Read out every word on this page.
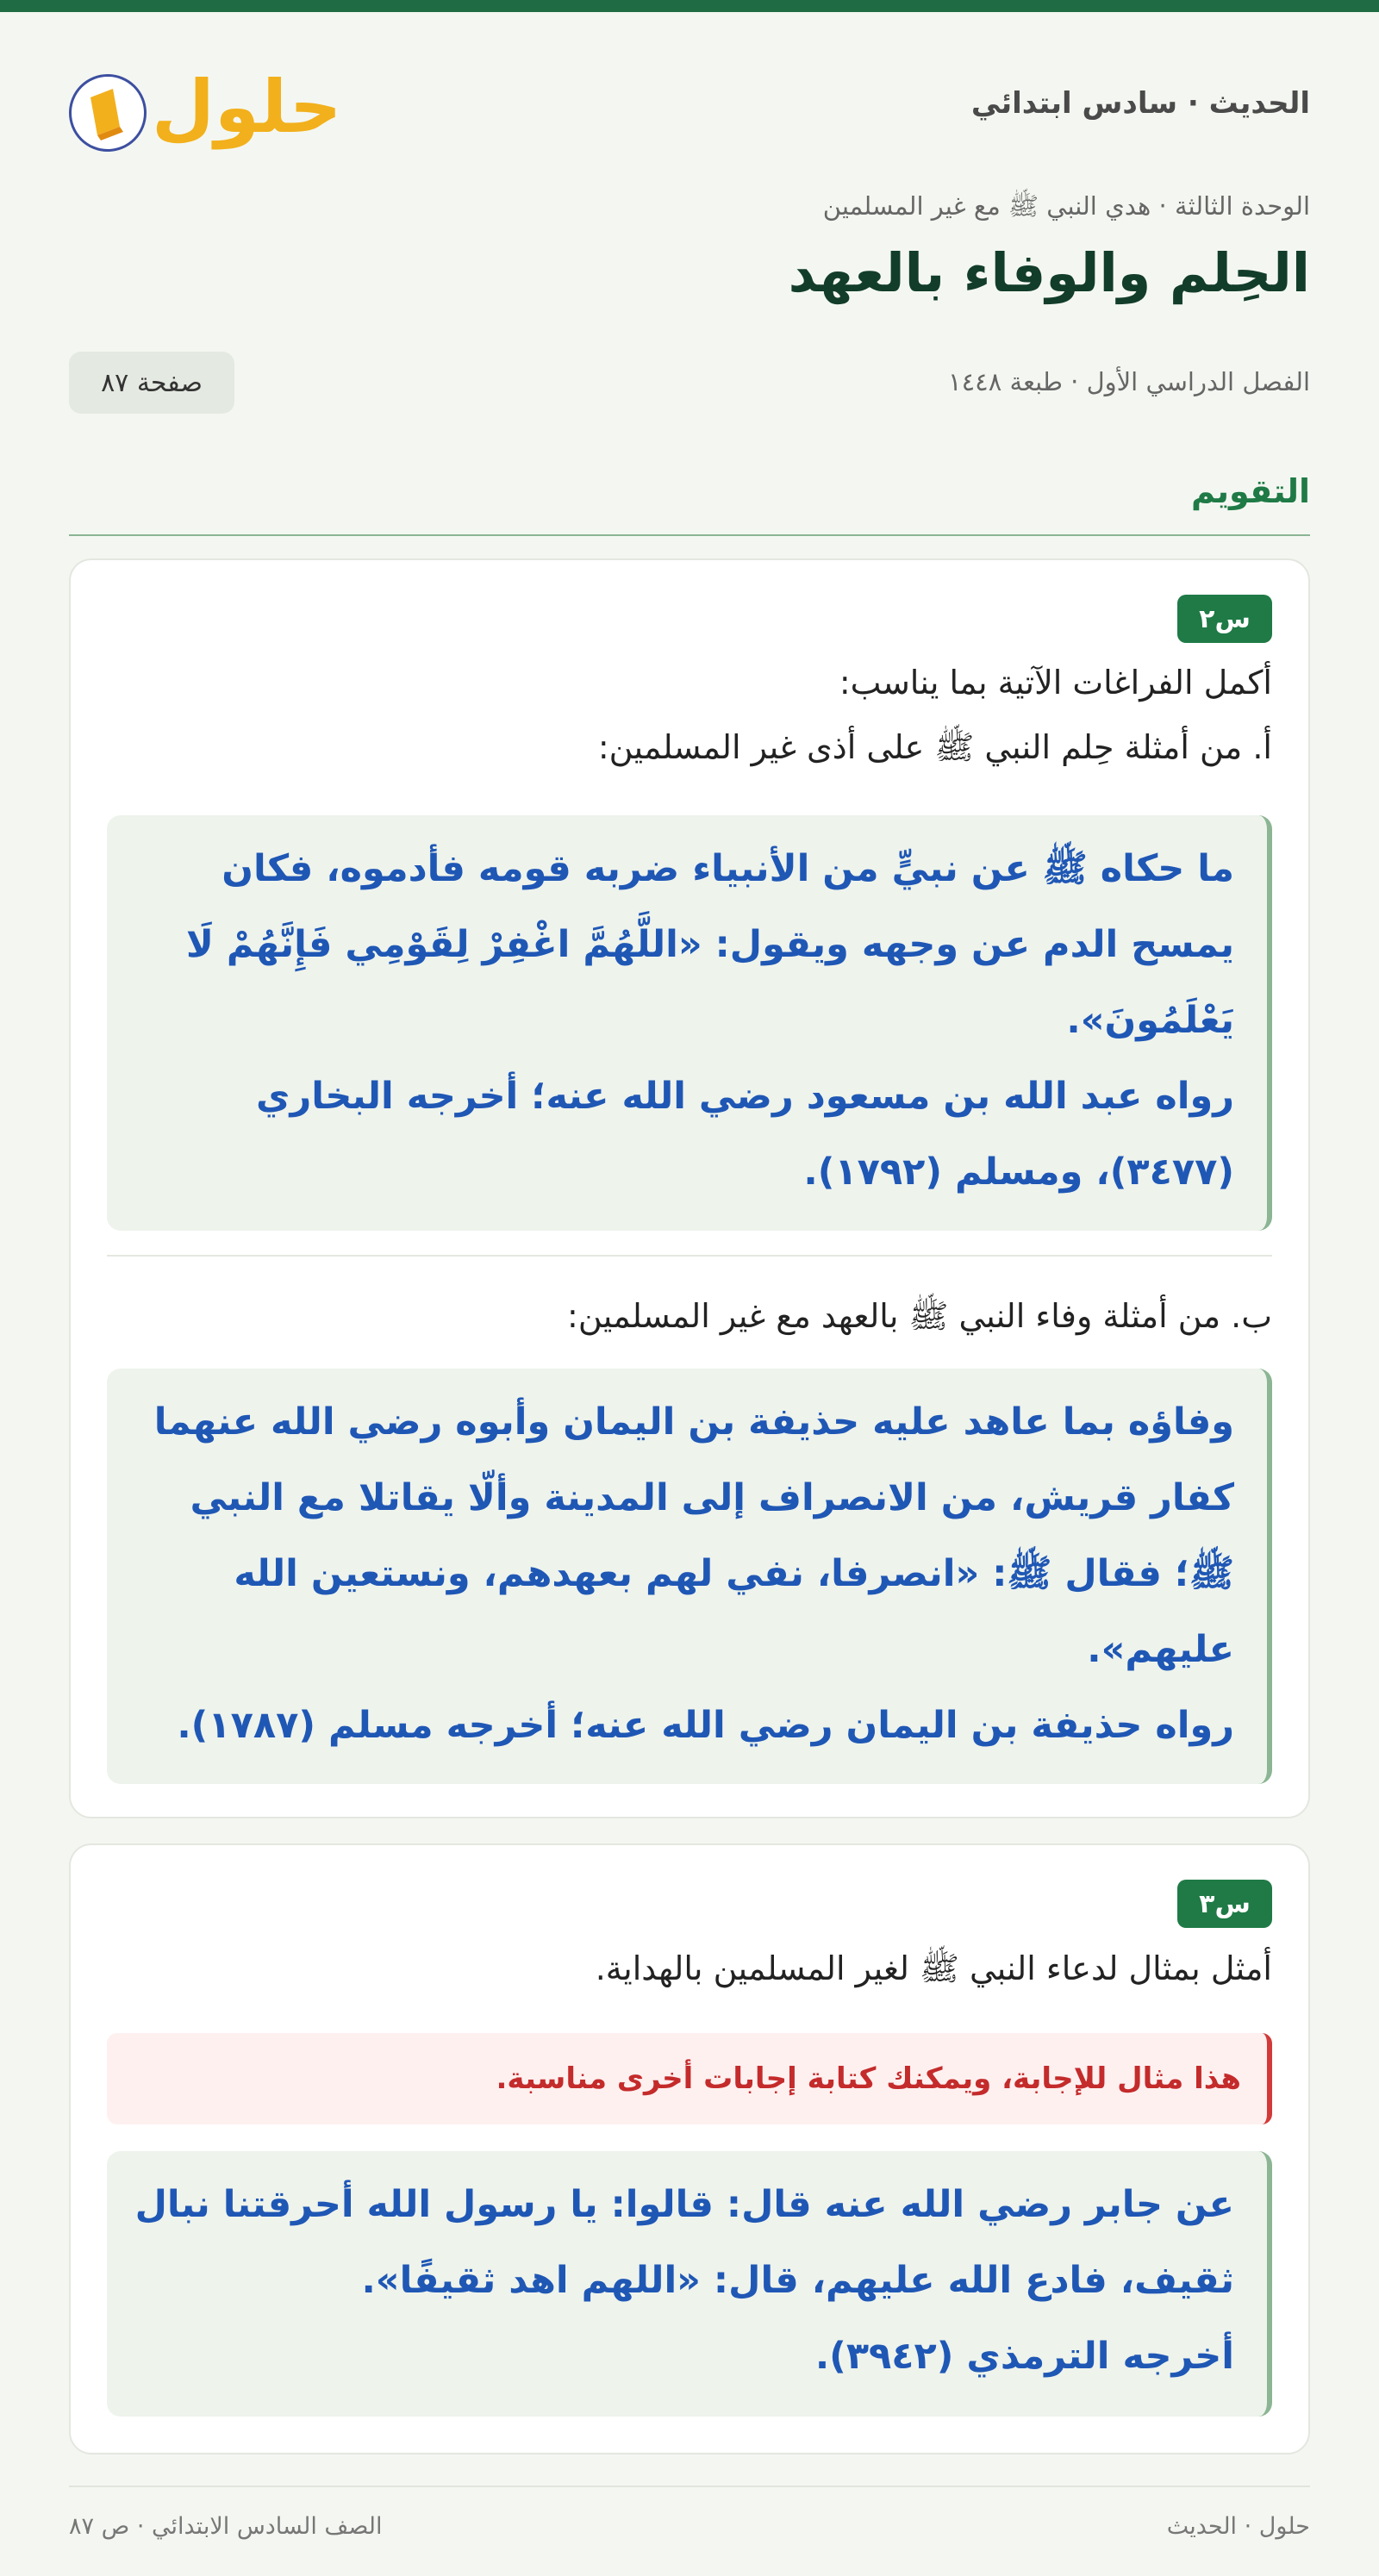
الحديث · سادس ابتدائي
حلول
الوحدة الثالثة · هدي النبي ﷺ مع غير المسلمين
الحِلم والوفاء بالعهد
الفصل الدراسي الأول · طبعة ١٤٤٨
صفحة ٨٧
التقويم
س٢
أكمل الفراغات الآتية بما يناسب:
أ. من أمثلة حِلم النبي ﷺ على أذى غير المسلمين:

ما حكاه ﷺ عن نبيٍّ من الأنبياء ضربه قومه فأدموه، فكان يمسح الدم عن وجهه ويقول: «اللَّهُمَّ اغْفِرْ لِقَوْمِي فَإِنَّهُمْ لَا يَعْلَمُونَ».

رواه عبد الله بن مسعود رضي الله عنه؛ أخرجه البخاري (٣٤٧٧)، ومسلم (١٧٩٢).

ب. من أمثلة وفاء النبي ﷺ بالعهد مع غير المسلمين:

وفاؤه بما عاهد عليه حذيفة بن اليمان وأبوه رضي الله عنهما كفار قريش، من الانصراف إلى المدينة وألّا يقاتلا مع النبي ﷺ؛ فقال ﷺ: «انصرفا، نفي لهم بعهدهم، ونستعين الله عليهم».

رواه حذيفة بن اليمان رضي الله عنه؛ أخرجه مسلم (١٧٨٧).

س٣
أمثل بمثال لدعاء النبي ﷺ لغير المسلمين بالهداية.
هذا مثال للإجابة، ويمكنك كتابة إجابات أخرى مناسبة.

عن جابر رضي الله عنه قال: قالوا: يا رسول الله أحرقتنا نبال ثقيف، فادع الله عليهم، قال: «اللهم اهد ثقيفًا».

أخرجه الترمذي (٣٩٤٢).

حلول · الحديث
الصف السادس الابتدائي · ص ٨٧
